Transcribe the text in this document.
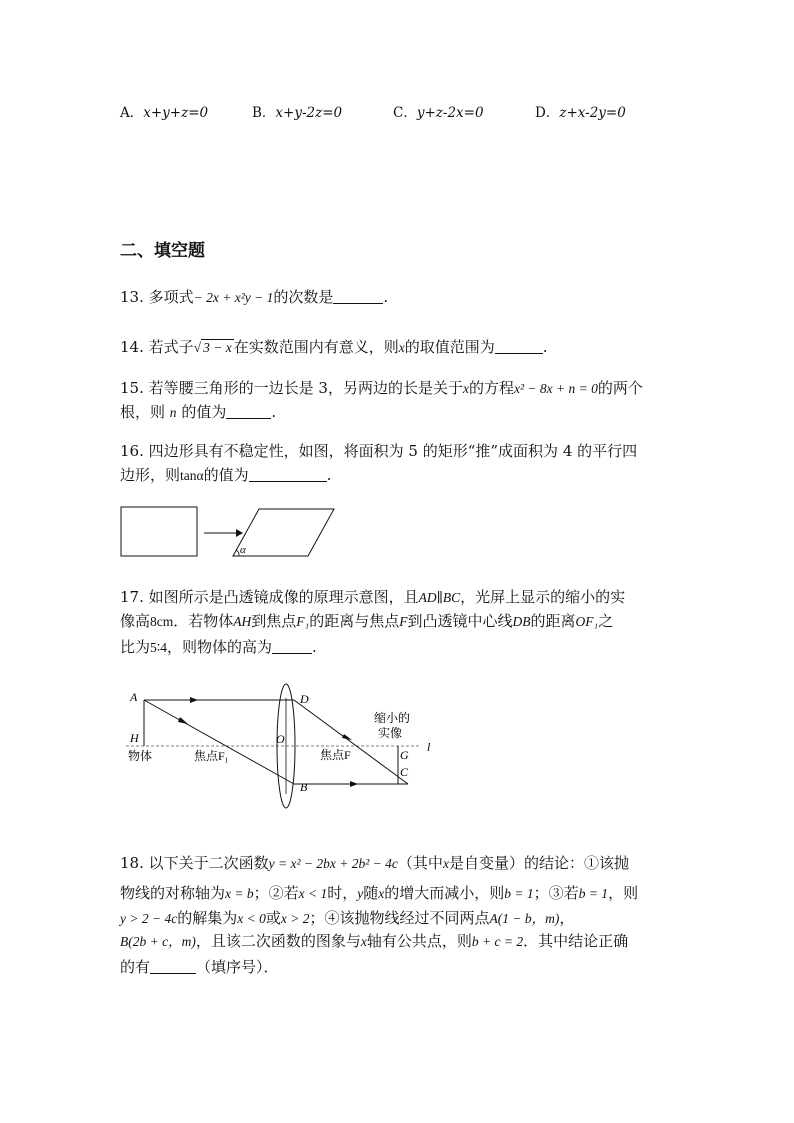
A．x+y+z=0	B．x+y-2z=0	C．y+z-2x=0	D．z+x-2y=0
二、填空题
13. 多项式− 2x + x²y − 1的次数是	.
14. 若式子√ 3 − x 在实数范围内有意义，则x的取值范围为	.
15. 若等腰三角形的一边长是 3，另两边的长是关于x的方程x² − 8x + n = 0的两个
根，则 n 的值为	.
16. 四边形具有不稳定性，如图，将面积为 5 的矩形“推”成面积为 4 的平行四
边形，则tanα的值为	.
α
17. 如图所示是凸透镜成像的原理示意图，且AD∥BC，光屏上显示的缩小的实
像高8cm．若物体AH到焦点F₁的距离与焦点F到凸透镜中心线DB的距离OF₁之
比为5∶4，则物体的高为	.
A
H
D
O
B
G
C
l
物体	焦点F₁	焦点F
缩小的
实像
18. 以下关于二次函数y = x² − 2bx + 2b² − 4c（其中x是自变量）的结论：①该抛
物线的对称轴为x = b；②若x < 1时，y随x的增大而减小，则b = 1；③若b = 1，则
y > 2 − 4c的解集为x < 0或x > 2；④该抛物线经过不同两点A(1 − b，m)，
B(2b + c，m)，且该二次函数的图象与x轴有公共点，则b + c = 2．其中结论正确
的有	（填序号）．
